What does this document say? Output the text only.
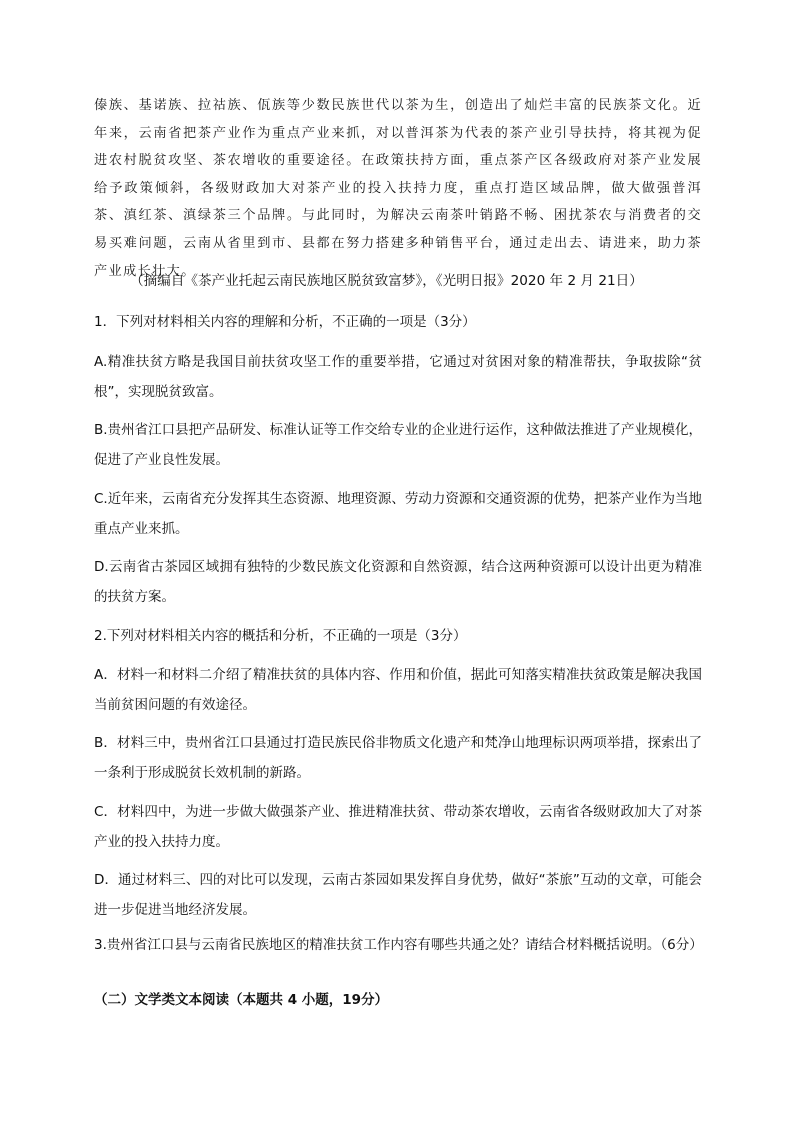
傣族、基诺族、拉祜族、佤族等少数民族世代以茶为生，创造出了灿烂丰富的民族茶文化。近年来，云南省把茶产业作为重点产业来抓，对以普洱茶为代表的茶产业引导扶持，将其视为促进农村脱贫攻坚、茶农增收的重要途径。在政策扶持方面，重点茶产区各级政府对茶产业发展给予政策倾斜，各级财政加大对茶产业的投入扶持力度，重点打造区域品牌，做大做强普洱茶、滇红茶、滇绿茶三个品牌。与此同时，为解决云南茶叶销路不畅、困扰茶农与消费者的交易买难问题，云南从省里到市、县都在努力搭建多种销售平台，通过走出去、请进来，助力茶产业成长壮大。
（摘编自《茶产业托起云南民族地区脱贫致富梦》，《光明日报》2020 年 2 月 21日）
1．下列对材料相关内容的理解和分析，不正确的一项是（3分）
A.精准扶贫方略是我国目前扶贫攻坚工作的重要举措，它通过对贫困对象的精准帮扶，争取拔除“贫根”，实现脱贫致富。
B.贵州省江口县把产品研发、标准认证等工作交给专业的企业进行运作，这种做法推进了产业规模化，促进了产业良性发展。
C.近年来，云南省充分发挥其生态资源、地理资源、劳动力资源和交通资源的优势，把茶产业作为当地重点产业来抓。
D.云南省古茶园区域拥有独特的少数民族文化资源和自然资源，结合这两种资源可以设计出更为精准的扶贫方案。
2.下列对材料相关内容的概括和分析，不正确的一项是（3分）
A．材料一和材料二介绍了精准扶贫的具体内容、作用和价值，据此可知落实精准扶贫政策是解决我国当前贫困问题的有效途径。
B．材料三中，贵州省江口县通过打造民族民俗非物质文化遗产和梵净山地理标识两项举措，探索出了一条利于形成脱贫长效机制的新路。
C．材料四中，为进一步做大做强茶产业、推进精准扶贫、带动茶农增收，云南省各级财政加大了对茶产业的投入扶持力度。
D．通过材料三、四的对比可以发现，云南古茶园如果发挥自身优势，做好“茶旅”互动的文章，可能会进一步促进当地经济发展。
3.贵州省江口县与云南省民族地区的精准扶贫工作内容有哪些共通之处？请结合材料概括说明。（6分）
（二）文学类文本阅读（本题共 4 小题，19分）
